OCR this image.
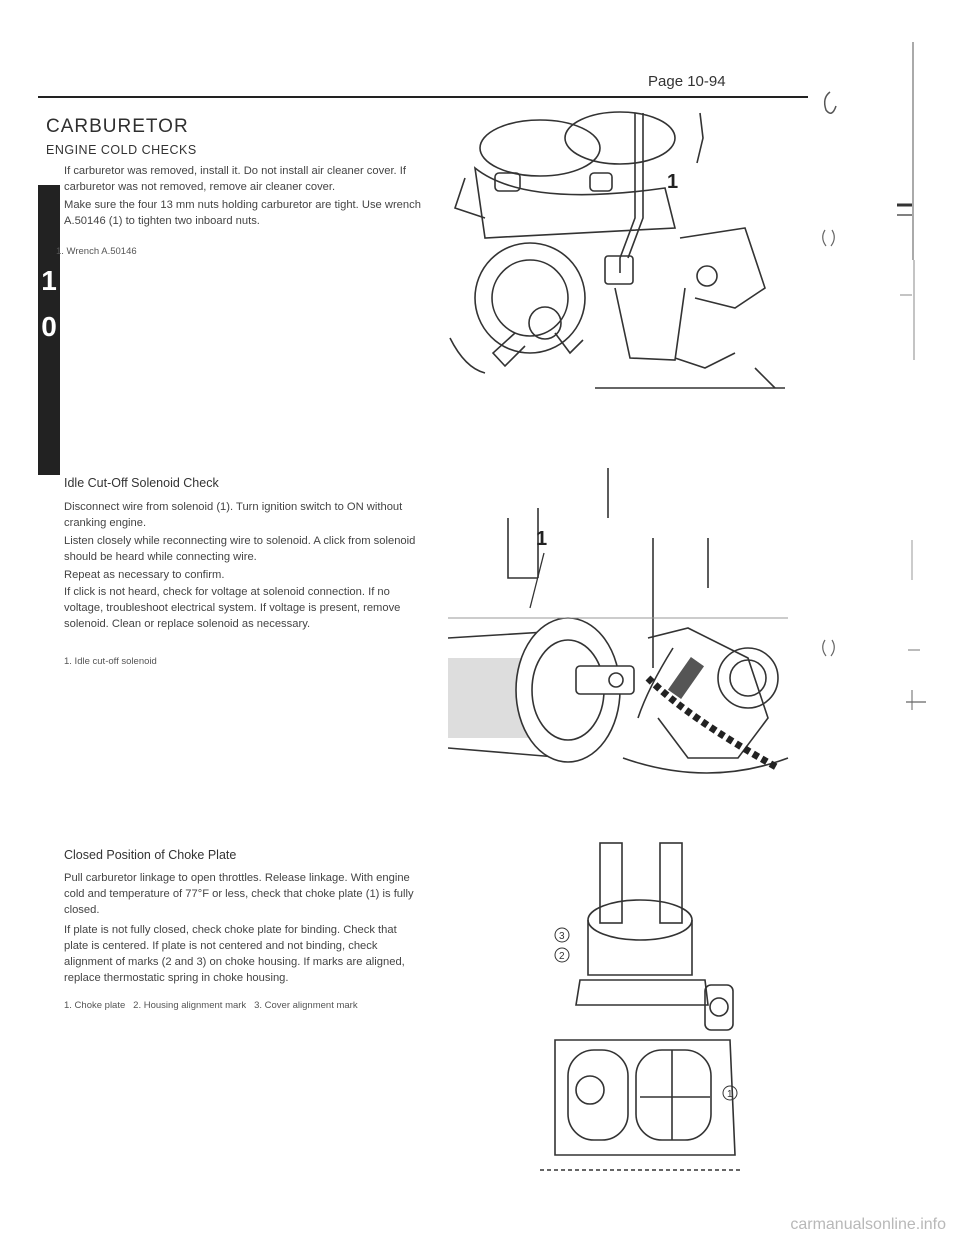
Page 10-94
CARBURETOR
ENGINE COLD CHECKS
1
0

If carburetor was removed, install it. Do not install air cleaner cover. If carburetor was not removed, remove air cleaner cover.

Make sure the four 13 mm nuts holding carburetor are tight. Use wrench A.50146 (1) to tighten two inboard nuts.

1. Wrench A.50146
1
Idle Cut-Off Solenoid Check

Disconnect wire from solenoid (1). Turn ignition switch to ON without cranking engine.

Listen closely while reconnecting wire to solenoid. A click from solenoid should be heard while connecting wire.

Repeat as necessary to confirm.

If click is not heard, check for voltage at solenoid connection. If no voltage, troubleshoot electrical system. If voltage is present, remove solenoid. Clean or replace solenoid as necessary.

1. Idle cut-off solenoid
1
Closed Position of Choke Plate

Pull carburetor linkage to open throttles. Release linkage. With engine cold and temperature of 77°F or less, check that choke plate (1) is fully closed.

If plate is not fully closed, check choke plate for binding. Check that plate is centered. If plate is not centered and not binding, check alignment of marks (2 and 3) on choke housing. If marks are aligned, replace thermostatic spring in choke housing.

1. Choke plate   2. Housing alignment mark   3. Cover alignment mark
3
2
1
carmanualsonline.info
